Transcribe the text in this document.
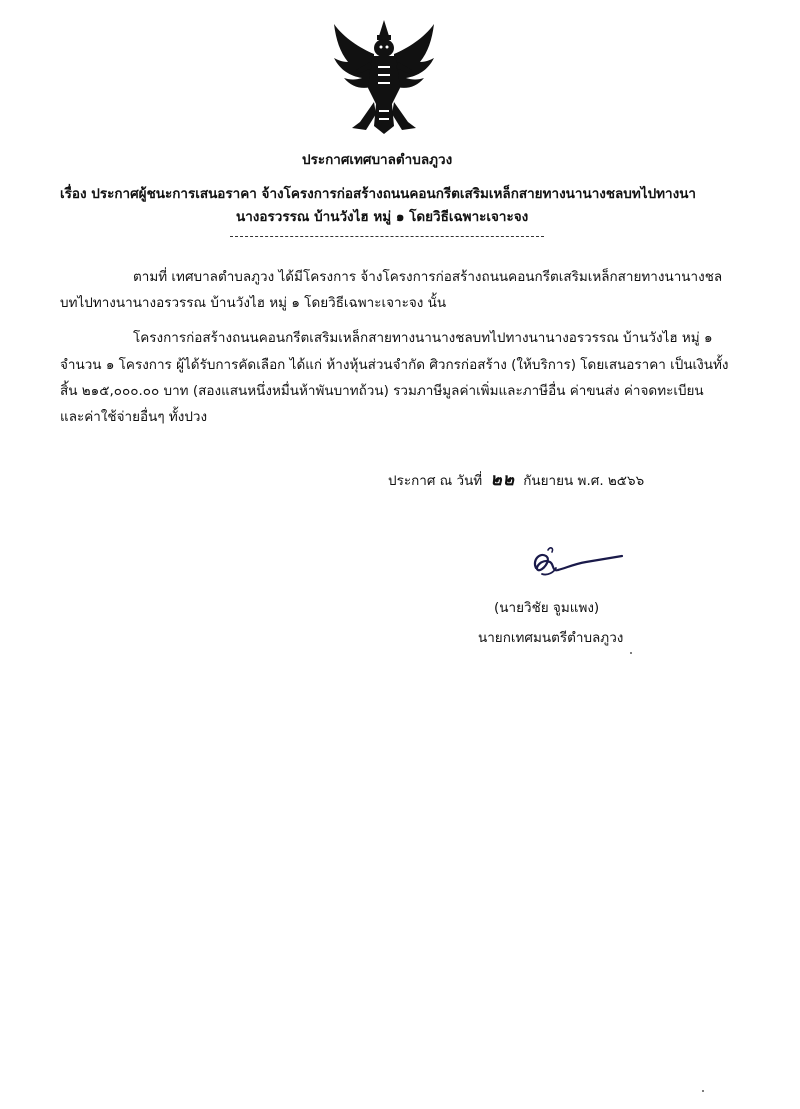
ประกาศเทศบาลตำบลภูวง
เรื่อง ประกาศผู้ชนะการเสนอราคา จ้างโครงการก่อสร้างถนนคอนกรีตเสริมเหล็กสายทางนานางชลบทไปทางนา
นางอรวรรณ บ้านวังไฮ หมู่ ๑ โดยวิธีเฉพาะเจาะจง
ตามที่ เทศบาลตำบลภูวง ได้มีโครงการ จ้างโครงการก่อสร้างถนนคอนกรีตเสริมเหล็กสายทางนานางชล
บทไปทางนานางอรวรรณ บ้านวังไฮ หมู่ ๑ โดยวิธีเฉพาะเจาะจง นั้น
โครงการก่อสร้างถนนคอนกรีตเสริมเหล็กสายทางนานางชลบทไปทางนานางอรวรรณ บ้านวังไฮ หมู่ ๑
จำนวน ๑ โครงการ ผู้ได้รับการคัดเลือก ได้แก่ ห้างหุ้นส่วนจำกัด ศิวกรก่อสร้าง (ให้บริการ) โดยเสนอราคา เป็นเงินทั้ง
สิ้น ๒๑๕,๐๐๐.๐๐ บาท (สองแสนหนึ่งหมื่นห้าพันบาทถ้วน) รวมภาษีมูลค่าเพิ่มและภาษีอื่น ค่าขนส่ง ค่าจดทะเบียน
และค่าใช้จ่ายอื่นๆ ทั้งปวง
ประกาศ ณ วันที่ ๒๒ กันยายน พ.ศ. ๒๕๖๖
(นายวิชัย จูมแพง)
นายกเทศมนตรีตำบลภูวง
